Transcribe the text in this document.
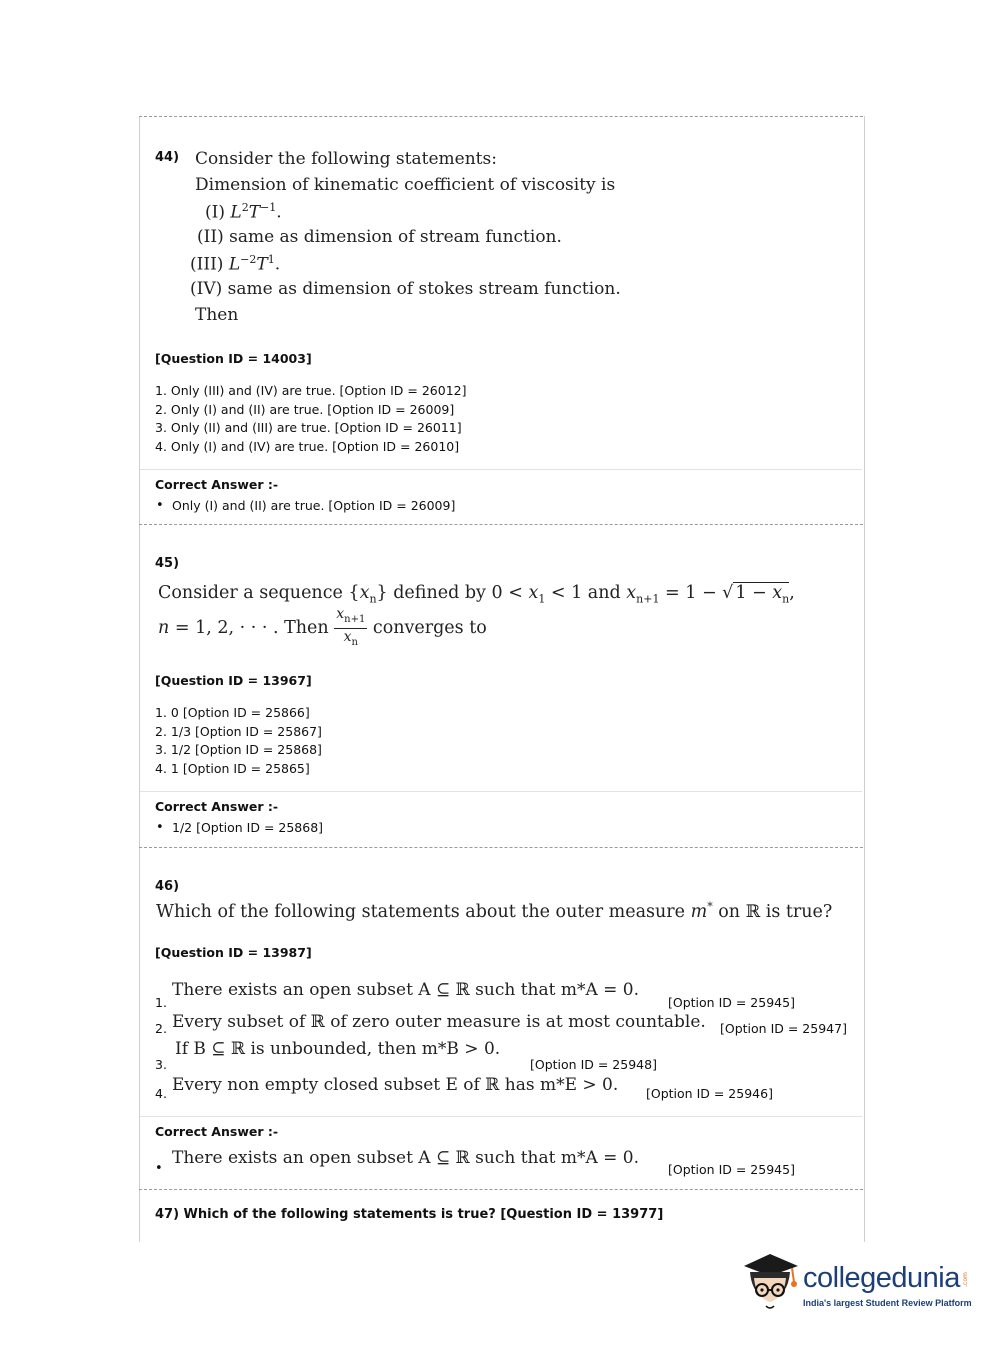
44) Consider the following statements:
Dimension of kinematic coefficient of viscosity is
(I) $L^2T^{-1}$.
(II) same as dimension of stream function.
(III) $L^{-2}T^1$.
(IV) same as dimension of stokes stream function.
Then
[Question ID = 14003]
1. Only (III) and (IV) are true. [Option ID = 26012]
2. Only (I) and (II) are true. [Option ID = 26009]
3. Only (II) and (III) are true. [Option ID = 26011]
4. Only (I) and (IV) are true. [Option ID = 26010]
Correct Answer :-
• Only (I) and (II) are true. [Option ID = 26009]
45)
Consider a sequence $\{x_n\}$ defined by $0 < x_1 < 1$ and $x_{n+1} = 1$ − √ $1 - x_n$,
n = 1, 2, · · · . Then $\frac{x_{n+1}}{x_n}$ converges to
[Question ID = 13967]
1. 0 [Option ID = 25866]
2. 1/3 [Option ID = 25867]
3. 1/2 [Option ID = 25868]
4. 1 [Option ID = 25865]
Correct Answer :-
• 1/2 [Option ID = 25868]
46)
Which of the following statements about the outer measure m* on ℝ is true?
[Question ID = 13987]
1.
There exists an open subset A ⊆ ℝ such that m*A = 0.
[Option ID = 25945]
2. Every subset of ℝ of zero outer measure is at most countable. [Option ID = 25947]
3.
If B ⊆ ℝ is unbounded, then m*B > 0.
[Option ID = 25948]
4. Every non empty closed subset E of ℝ has m*E > 0. [Option ID = 25946]
Correct Answer :-
•
There exists an open subset A ⊆ ℝ such that m*A = 0.
[Option ID = 25945]
47) Which of the following statements is true? [Question ID = 13977]
collegedunia .com
India's largest Student Review Platform
